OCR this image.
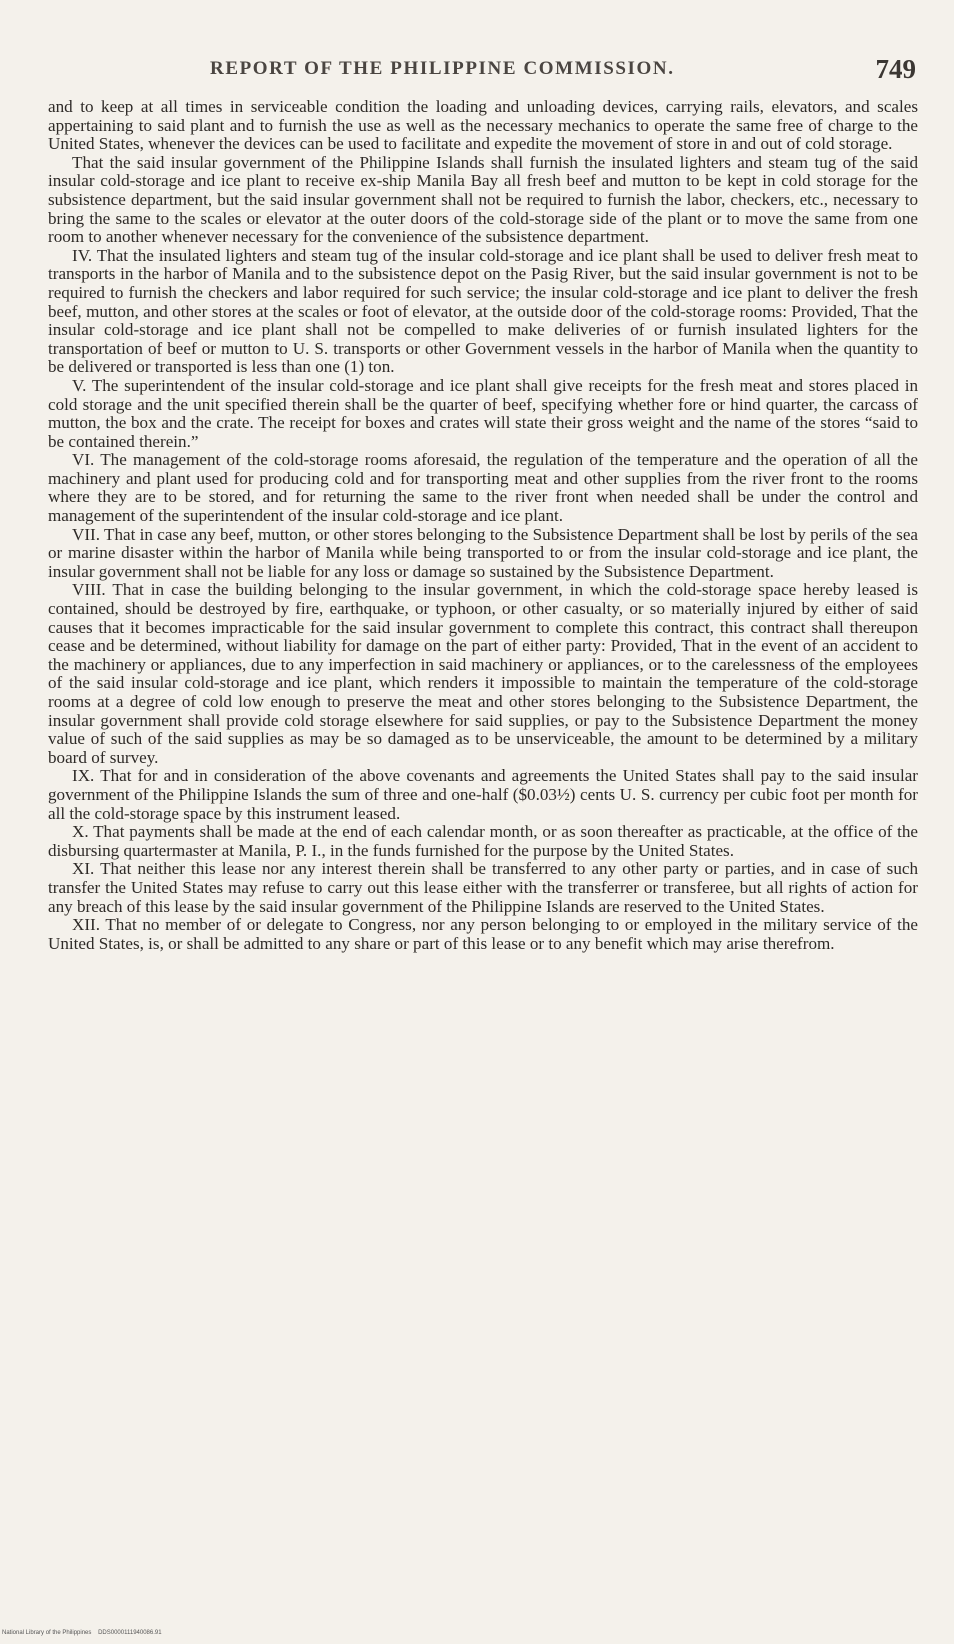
REPORT OF THE PHILIPPINE COMMISSION.	749

and to keep at all times in serviceable condition the loading and unloading devices, carrying rails, elevators, and scales appertaining to said plant and to furnish the use as well as the necessary mechanics to operate the same free of charge to the United States, whenever the devices can be used to facilitate and expedite the movement of store in and out of cold storage.

That the said insular government of the Philippine Islands shall furnish the insulated lighters and steam tug of the said insular cold-storage and ice plant to receive ex-ship Manila Bay all fresh beef and mutton to be kept in cold storage for the subsistence department, but the said insular government shall not be required to furnish the labor, checkers, etc., necessary to bring the same to the scales or elevator at the outer doors of the cold-storage side of the plant or to move the same from one room to another whenever necessary for the convenience of the subsistence department.

IV. That the insulated lighters and steam tug of the insular cold-storage and ice plant shall be used to deliver fresh meat to transports in the harbor of Manila and to the subsistence depot on the Pasig River, but the said insular government is not to be required to furnish the checkers and labor required for such service; the insular cold-storage and ice plant to deliver the fresh beef, mutton, and other stores at the scales or foot of elevator, at the outside door of the cold-storage rooms: Provided, That the insular cold-storage and ice plant shall not be compelled to make deliveries of or furnish insulated lighters for the transportation of beef or mutton to U. S. transports or other Government vessels in the harbor of Manila when the quantity to be delivered or transported is less than one (1) ton.

V. The superintendent of the insular cold-storage and ice plant shall give receipts for the fresh meat and stores placed in cold storage and the unit specified therein shall be the quarter of beef, specifying whether fore or hind quarter, the carcass of mutton, the box and the crate. The receipt for boxes and crates will state their gross weight and the name of the stores “said to be contained therein.”

VI. The management of the cold-storage rooms aforesaid, the regulation of the temperature and the operation of all the machinery and plant used for producing cold and for transporting meat and other supplies from the river front to the rooms where they are to be stored, and for returning the same to the river front when needed shall be under the control and management of the superintendent of the insular cold-storage and ice plant.

VII. That in case any beef, mutton, or other stores belonging to the Subsistence Department shall be lost by perils of the sea or marine disaster within the harbor of Manila while being transported to or from the insular cold-storage and ice plant, the insular government shall not be liable for any loss or damage so sustained by the Subsistence Department.

VIII. That in case the building belonging to the insular government, in which the cold-storage space hereby leased is contained, should be destroyed by fire, earthquake, or typhoon, or other casualty, or so materially injured by either of said causes that it becomes impracticable for the said insular government to complete this contract, this contract shall thereupon cease and be determined, without liability for damage on the part of either party: Provided, That in the event of an accident to the machinery or appliances, due to any imperfection in said machinery or appliances, or to the carelessness of the employees of the said insular cold-storage and ice plant, which renders it impossible to maintain the temperature of the cold-storage rooms at a degree of cold low enough to preserve the meat and other stores belonging to the Subsistence Department, the insular government shall provide cold storage elsewhere for said supplies, or pay to the Subsistence Department the money value of such of the said supplies as may be so damaged as to be unserviceable, the amount to be determined by a military board of survey.

IX. That for and in consideration of the above covenants and agreements the United States shall pay to the said insular government of the Philippine Islands the sum of three and one-half ($0.03½) cents U. S. currency per cubic foot per month for all the cold-storage space by this instrument leased.

X. That payments shall be made at the end of each calendar month, or as soon thereafter as practicable, at the office of the disbursing quartermaster at Manila, P. I., in the funds furnished for the purpose by the United States.

XI. That neither this lease nor any interest therein shall be transferred to any other party or parties, and in case of such transfer the United States may refuse to carry out this lease either with the transferrer or transferee, but all rights of action for any breach of this lease by the said insular government of the Philippine Islands are reserved to the United States.

XII. That no member of or delegate to Congress, nor any person belonging to or employed in the military service of the United States, is, or shall be admitted to any share or part of this lease or to any benefit which may arise therefrom.

National Library of the Philippines DDS0000111940086.91
